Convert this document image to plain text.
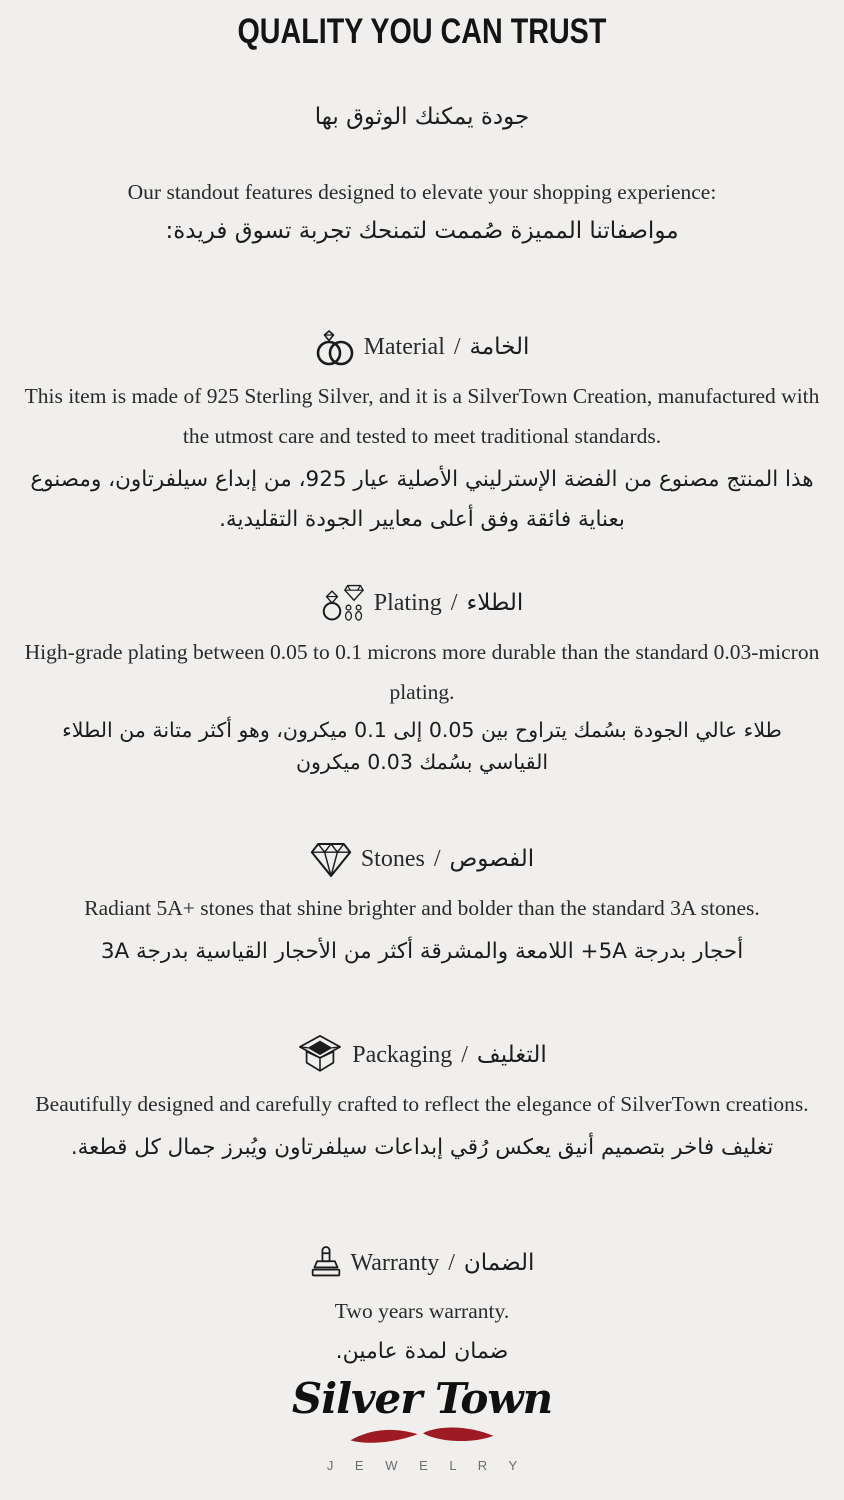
QUALITY YOU CAN TRUST
جودة يمكنك الوثوق بها
Our standout features designed to elevate your shopping experience:
مواصفاتنا المميزة صُممت لتمنحك تجربة تسوق فريدة:
Material / الخامة
This item is made of 925 Sterling Silver, and it is a SilverTown Creation, manufactured with the utmost care and tested to meet traditional standards.
هذا المنتج مصنوع من الفضة الإسترليني الأصلية عيار 925، من إبداع سيلفرتاون، ومصنوع بعناية فائقة وفق أعلى معايير الجودة التقليدية.
Plating / الطلاء
High-grade plating between 0.05 to 0.1 microns more durable than the standard 0.03-micron plating.
طلاء عالي الجودة بسُمك يتراوح بين 0.05 إلى 0.1 ميكرون، وهو أكثر متانة من الطلاء القياسي بسُمك 0.03 ميكرون
Stones / الفصوص
Radiant 5A+ stones that shine brighter and bolder than the standard 3A stones.
أحجار بدرجة 5A+ اللامعة والمشرقة أكثر من الأحجار القياسية بدرجة 3A
Packaging / التغليف
Beautifully designed and carefully crafted to reflect the elegance of SilverTown creations.
تغليف فاخر بتصميم أنيق يعكس رُقي إبداعات سيلفرتاون ويُبرز جمال كل قطعة.
Warranty / الضمان
Two years warranty.
ضمان لمدة عامين.
Silver Town
J E W E L R Y
